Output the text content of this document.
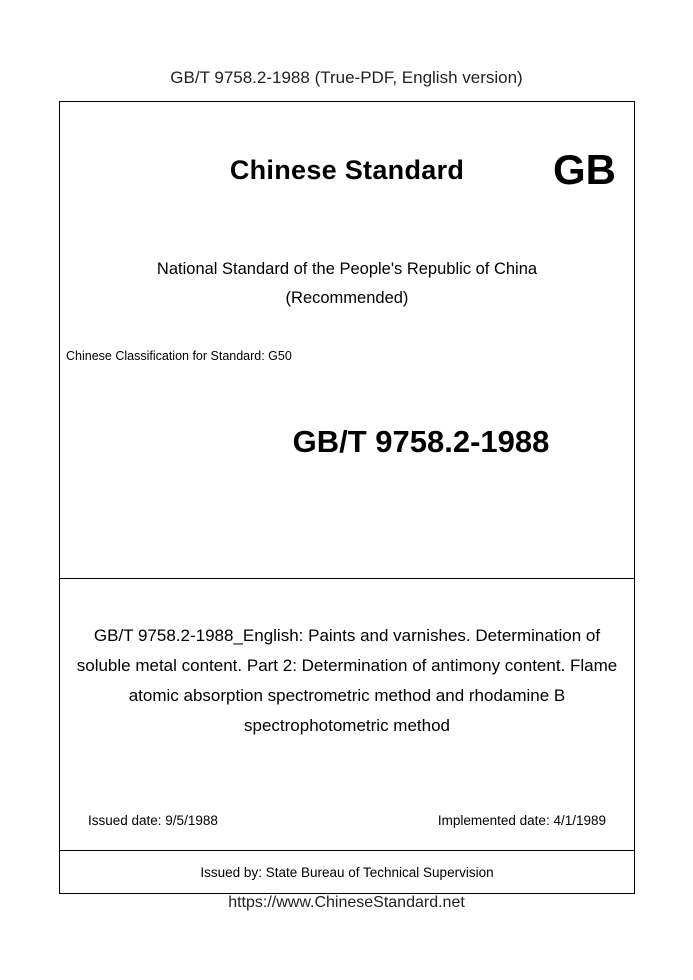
GB/T 9758.2-1988 (True-PDF, English version)
Chinese Standard	GB
National Standard of the People's Republic of China
(Recommended)
Chinese Classification for Standard: G50
GB/T 9758.2-1988
GB/T 9758.2-1988_English: Paints and varnishes. Determination of soluble metal content. Part 2: Determination of antimony content. Flame atomic absorption spectrometric method and rhodamine B spectrophotometric method
Issued date: 9/5/1988	Implemented date: 4/1/1989
Issued by: State Bureau of Technical Supervision
https://www.ChineseStandard.net
